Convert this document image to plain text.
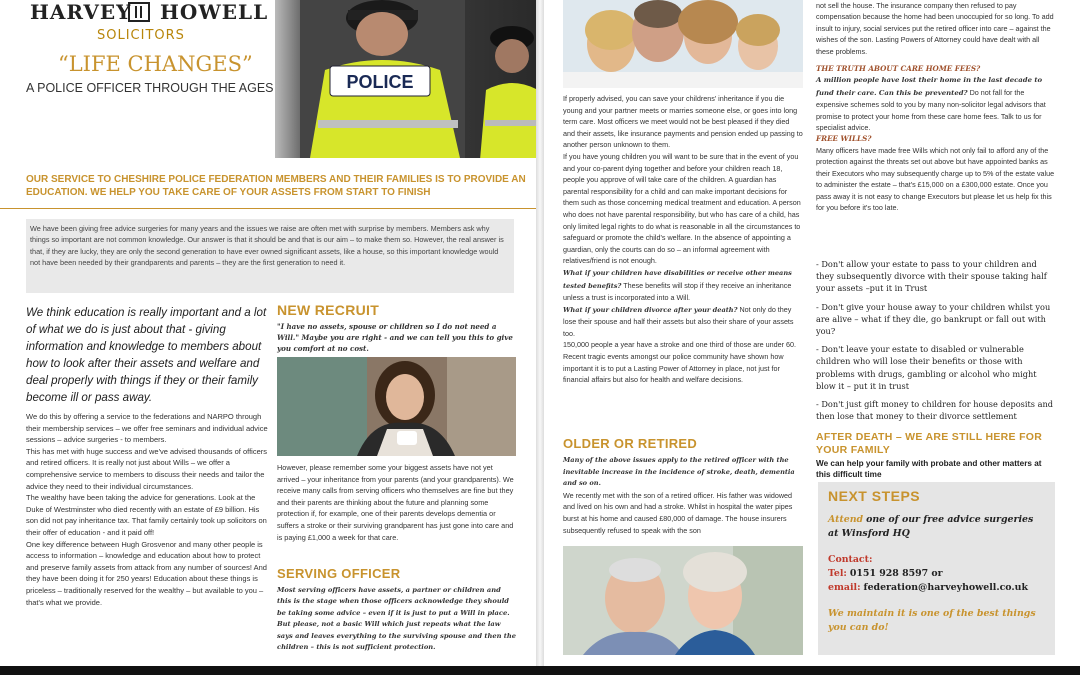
HARVEY HOWELL
SOLICITORS
“LIFE CHANGES”
A POLICE OFFICER THROUGH THE AGES	POLICE
OUR SERVICE TO CHESHIRE POLICE FEDERATION MEMBERS AND THEIR FAMILIES IS TO PROVIDE AN EDUCATION. WE HELP YOU TAKE CARE OF YOUR ASSETS FROM START TO FINISH
We have been giving free advice surgeries for many years and the issues we raise are often met with surprise by members. Members ask why things so important are not common knowledge. Our answer is that it should be and that is our aim – to make them so. However, the real answer is that, if they are lucky, they are only the second generation to have ever owned significant assets, like a house, so this important knowledge would not have been needed by their grandparents and parents – they are the first generation to need it.
We think education is really important and a lot of what we do is just about that - giving information and knowledge to members about how to look after their assets and welfare and deal properly with things if they or their family become ill or pass away.

We do this by offering a service to the federations and NARPO through their membership services – we offer free seminars and individual advice sessions – advice surgeries - to members.

This has met with huge success and we've advised thousands of officers and retired officers. It is really not just about Wills – we offer a comprehensive service to members to discuss their needs and tailor the advice they need to their individual circumstances.

The wealthy have been taking the advice for generations. Look at the Duke of Westminster who died recently with an estate of £9 billion. His son did not pay inheritance tax. That family certainly took up solicitors on their offer of education - and it paid off!

One key difference between Hugh Grosvenor and many other people is access to information – knowledge and education about how to protect and preserve family assets from attack from any number of sources! And they have been doing it for 250 years! Education about these things is priceless – traditionally reserved for the wealthy – but available to you – that's what we provide.

NEW RECRUIT
"I have no assets, spouse or children so I do not need a Will." Maybe you are right - and we can tell you this to give you comfort at no cost.
However, please remember some your biggest assets have not yet arrived – your inheritance from your parents (and your grandparents). We receive many calls from serving officers who themselves are fine but they and their parents are thinking about the future and planning some protection if, for example, one of their parents develops dementia or suffers a stroke or their surviving grandparent has just gone into care and is paying £1,000 a week for that care.
SERVING OFFICER
Most serving officers have assets, a partner or children and this is the stage when those officers acknowledge they should be taking some advice – even if it is just to put a Will in place. But please, not a basic Will which just repeats what the law says and leaves everything to the surviving spouse and then the children – this is not sufficient protection.

If properly advised, you can save your childrens' inheritance if you die young and your partner meets or marries someone else, or goes into long term care. Most officers we meet would not be best pleased if they died and their assets, like insurance payments and pension ended up passing to another person unknown to them.

If you have young children you will want to be sure that in the event of you and your co-parent dying together and before your children reach 18, people you approve of will take care of the children. A guardian has parental responsibility for a child and can make important decisions for them such as those concerning medical treatment and education. A person who does not have parental responsibility, but who has care of a child, has only limited legal rights to do what is reasonable in all the circumstances to safeguard or promote the child's welfare. In the absence of appointing a guardian, only the courts can do so – an informal agreement with relatives/friend is not enough.

What if your children have disabilities or receive other means tested benefits? These benefits will stop if they receive an inheritance unless a trust is incorporated into a Will.

What if your children divorce after your death? Not only do they lose their spouse and half their assets but also their share of your assets too.

150,000 people a year have a stroke and one third of those are under 60. Recent tragic events amongst our police community have shown how important it is to put a Lasting Power of Attorney in place, not just for financial affairs but also for health and welfare decisions.

OLDER OR RETIRED

Many of the above issues apply to the retired officer with the inevitable increase in the incidence of stroke, death, dementia and so on.

We recently met with the son of a retired officer. His father was widowed and lived on his own and had a stroke. Whilst in hospital the water pipes burst at his home and caused £80,000 of damage. The house insurers subsequently refused to speak with the son

not sell the house. The insurance company then refused to pay compensation because the home had been unoccupied for so long. To add insult to injury, social services put the retired officer into care – against the wishes of the son. Lasting Powers of Attorney could have dealt with all these problems.

THE TRUTH ABOUT CARE HOME FEES?

A million people have lost their home in the last decade to fund their care. Can this be prevented? Do not fall for the expensive schemes sold to you by many non-solicitor legal advisors that promise to protect your home from these care home fees. Talk to us for specialist advice.

FREE WILLS?

Many officers have made free Wills which not only fail to afford any of the protection against the threats set out above but have appointed banks as their Executors who may subsequently charge up to 5% of the estate value to administer the estate – that's £15,000 on a £300,000 estate. Once you pass away it is not easy to change Executors but please let us help fix this for you before it's too late.

- Don't allow your estate to pass to your children and they subsequently divorce with their spouse taking half your assets –put it in Trust

- Don't give your house away to your children whilst you are alive – what if they die, go bankrupt or fall out with you?

- Don't leave your estate to disabled or vulnerable children who will lose their benefits or those with problems with drugs, gambling or alcohol who might blow it – put it in trust

- Don't just gift money to children for house deposits and then lose that money to their divorce settlement

AFTER DEATH – WE ARE STILL HERE FOR YOUR FAMILY
We can help your family with probate and other matters at this difficult time
NEXT STEPS

Attend one of our free advice surgeries at Winsford HQ

Contact:

Tel: 0151 928 8597 or

email: federation@harveyhowell.co.uk

We maintain it is one of the best things you can do!
